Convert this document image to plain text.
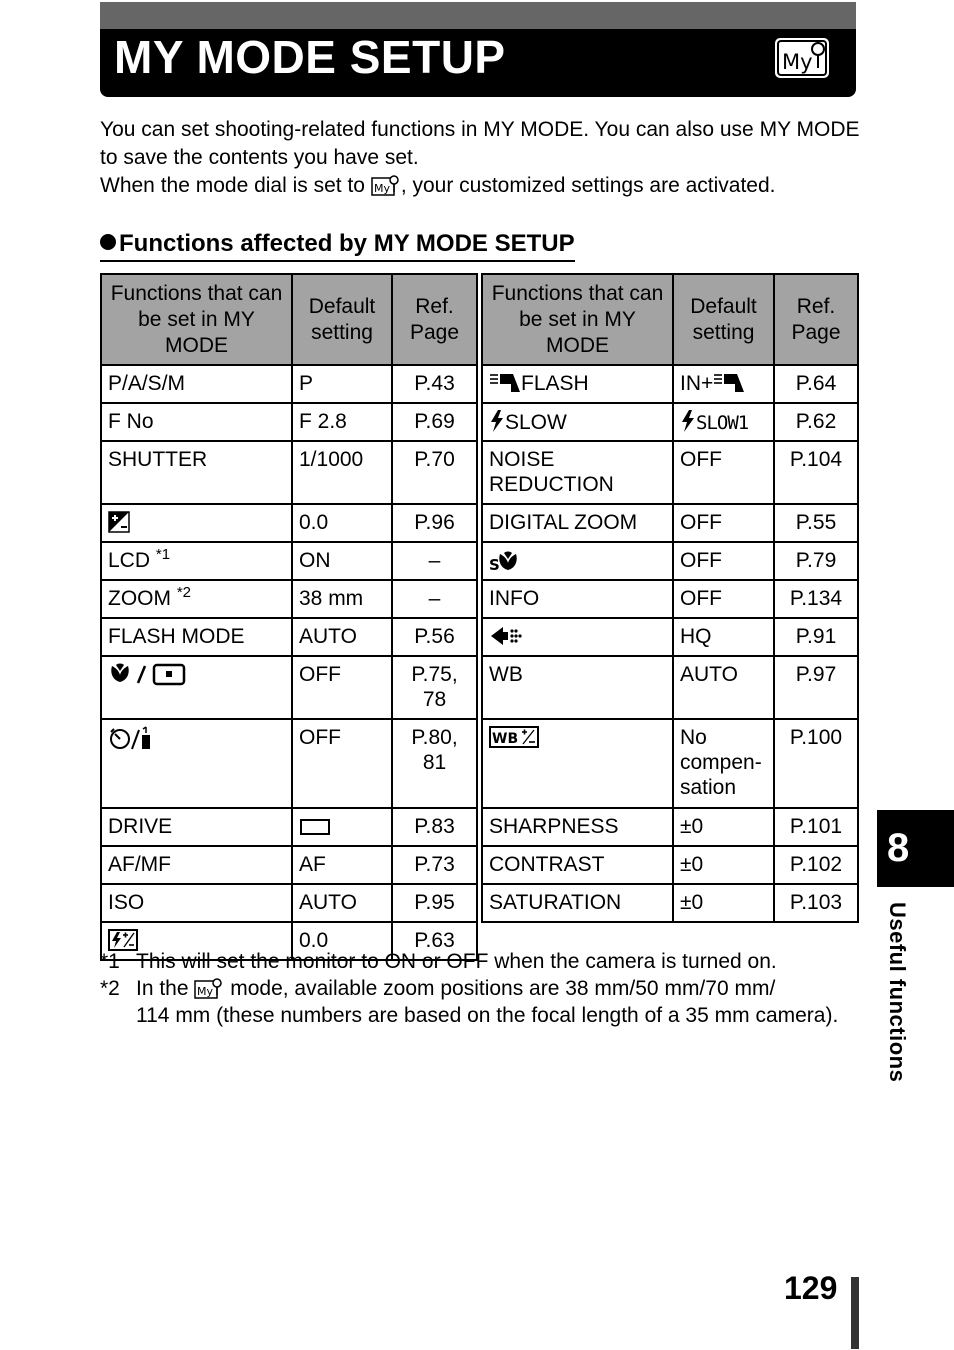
MY MODE SETUP	My

You can set shooting-related functions in MY MODE. You can also use MY MODE to save the contents you have set.

When the mode dial is set to My , your customized settings are activated.

Functions affected by MY MODE SETUP
Functions that can be set in MY MODE	Default setting	Ref. Page
P/A/S/M	P	P.43
F No	F 2.8	P.69
SHUTTER	1/1000	P.70
	0.0	P.96
LCD $^{*1}$	ON	–
ZOOM $^{*2}$	38 mm	–
FLASH MODE	AUTO	P.56
	OFF	P.75, 78
	OFF	P.80, 81
DRIVE		P.83
AF/MF	AF	P.73
ISO	AUTO	P.95
	0.0	P.63
Functions that can be set in MY MODE	Default setting	Ref. Page
FLASH	IN+	P.64
SLOW	SLOW1	P.62
NOISE REDUCTION	OFF	P.104
DIGITAL ZOOM	OFF	P.55

S	OFF	P.79
INFO	OFF	P.134
	HQ	P.91
WB	AUTO	P.97

WB	No compen-sation	P.100
SHARPNESS	±0	P.101
CONTRAST	±0	P.102
SATURATION	±0	P.103
*1 This will set the monitor to ON or OFF when the camera is turned on.
*2 In the My mode, available zoom positions are 38 mm/50 mm/70 mm/
114 mm (these numbers are based on the focal length of a 35 mm camera).
8
Useful functions
129
